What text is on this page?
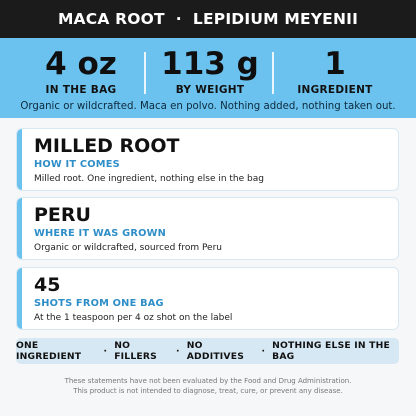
MACA ROOT · LEPIDIUM MEYENII
4 oz
IN THE BAG
113 g
BY WEIGHT
1
INGREDIENT
Organic or wildcrafted. Maca en polvo. Nothing added, nothing taken out.
MILLED ROOT
HOW IT COMES
Milled root. One ingredient, nothing else in the bag
PERU
WHERE IT WAS GROWN
Organic or wildcrafted, sourced from Peru
45
SHOTS FROM ONE BAG
At the 1 teaspoon per 4 oz shot on the label
ONE INGREDIENT	· NO FILLERS	· NO ADDITIVES	· NOTHING ELSE IN THE BAG
These statements have not been evaluated by the Food and Drug Administration.
This product is not intended to diagnose, treat, cure, or prevent any disease.
